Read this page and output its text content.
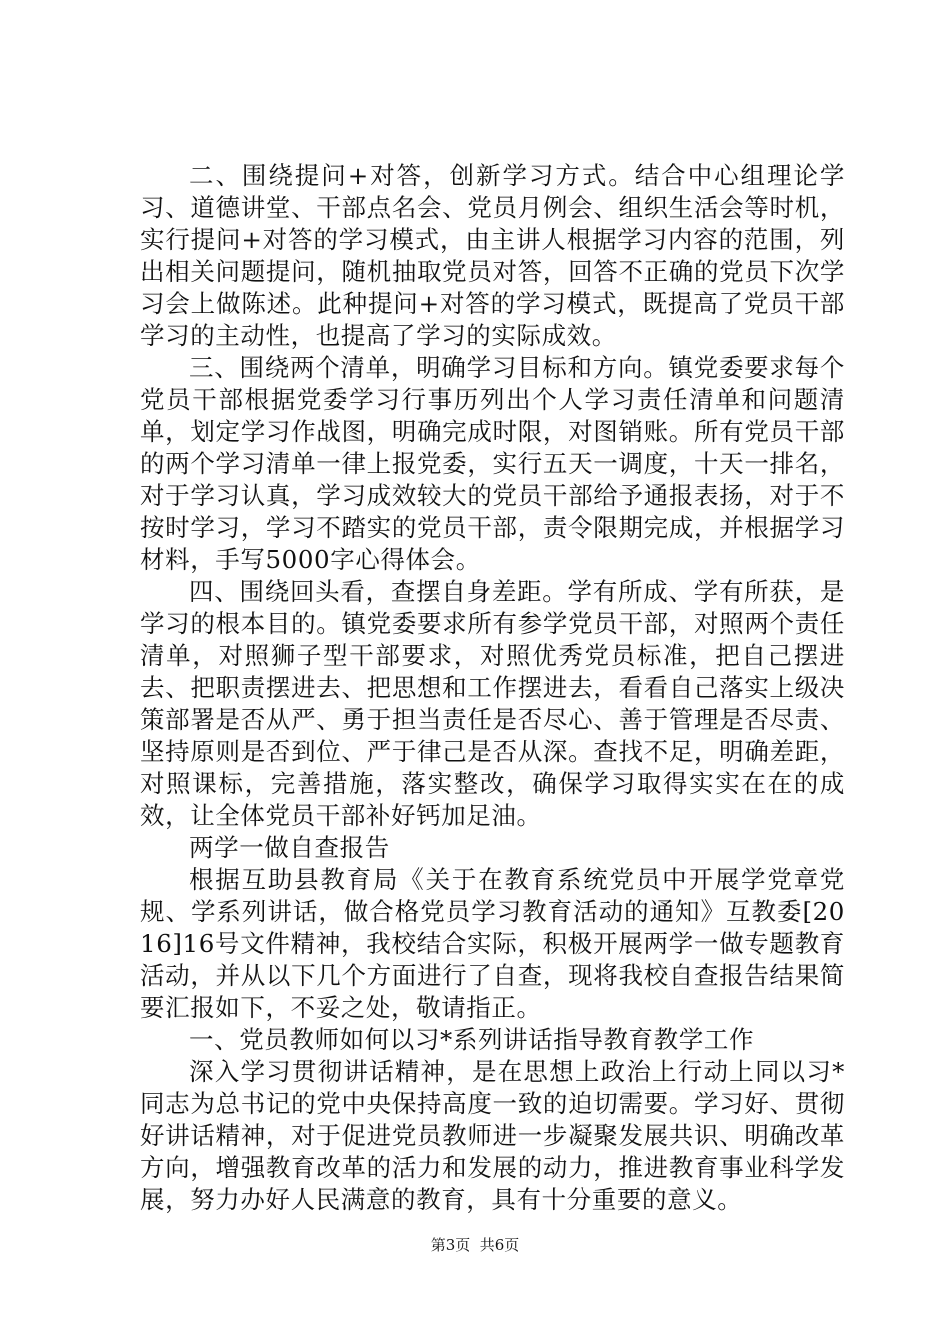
二、围绕提问+对答，创新学习方式。结合中心组理论学习、道德讲堂、干部点名会、党员月例会、组织生活会等时机，实行提问+对答的学习模式，由主讲人根据学习内容的范围，列出相关问题提问，随机抽取党员对答，回答不正确的党员下次学习会上做陈述。此种提问+对答的学习模式，既提高了党员干部学习的主动性，也提高了学习的实际成效。

三、围绕两个清单，明确学习目标和方向。镇党委要求每个党员干部根据党委学习行事历列出个人学习责任清单和问题清单，划定学习作战图，明确完成时限，对图销账。所有党员干部的两个学习清单一律上报党委，实行五天一调度，十天一排名，对于学习认真，学习成效较大的党员干部给予通报表扬，对于不按时学习，学习不踏实的党员干部，责令限期完成，并根据学习材料，手写5000字心得体会。

四、围绕回头看，查摆自身差距。学有所成、学有所获，是学习的根本目的。镇党委要求所有参学党员干部，对照两个责任清单，对照狮子型干部要求，对照优秀党员标准，把自己摆进去、把职责摆进去、把思想和工作摆进去，看看自己落实上级决策部署是否从严、勇于担当责任是否尽心、善于管理是否尽责、坚持原则是否到位、严于律己是否从深。查找不足，明确差距，对照课标，完善措施，落实整改，确保学习取得实实在在的成效，让全体党员干部补好钙加足油。

两学一做自查报告

根据互助县教育局《关于在教育系统党员中开展学党章党规、学系列讲话，做合格党员学习教育活动的通知》互教委[2016]16号文件精神，我校结合实际，积极开展两学一做专题教育活动，并从以下几个方面进行了自查，现将我校自查报告结果简要汇报如下，不妥之处，敬请指正。

一、党员教师如何以习*系列讲话指导教育教学工作

深入学习贯彻讲话精神，是在思想上政治上行动上同以习*同志为总书记的党中央保持高度一致的迫切需要。学习好、贯彻好讲话精神，对于促进党员教师进一步凝聚发展共识、明确改革方向，增强教育改革的活力和发展的动力，推进教育事业科学发展，努力办好人民满意的教育，具有十分重要的意义。

第3页  共6页
